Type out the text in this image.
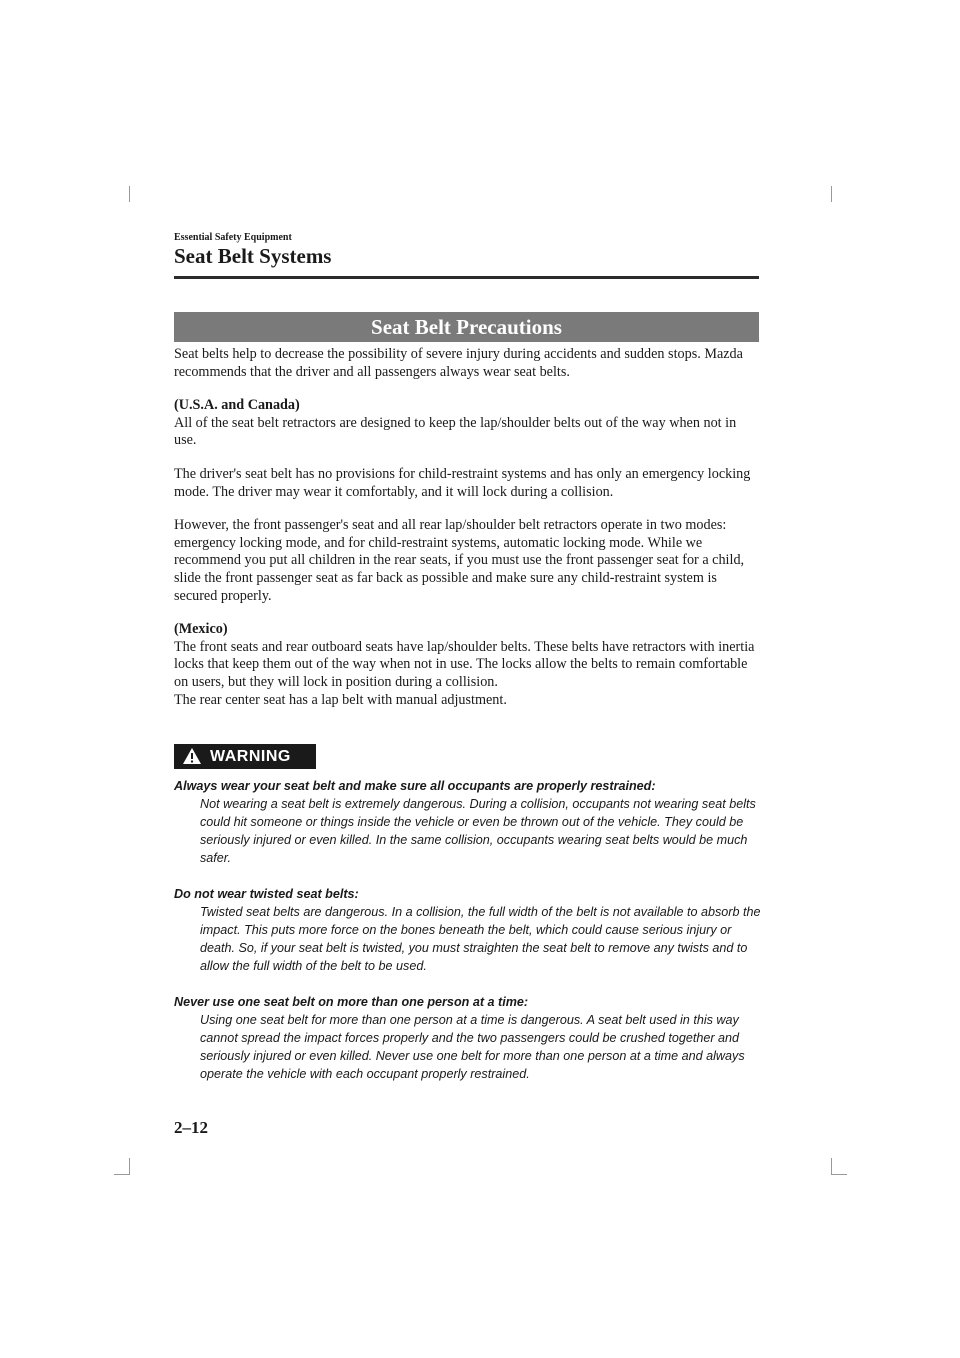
Essential Safety Equipment
Seat Belt Systems
Seat Belt Precautions

Seat belts help to decrease the possibility of severe injury during accidents and sudden stops. Mazda recommends that the driver and all passengers always wear seat belts.

(U.S.A. and Canada)
All of the seat belt retractors are designed to keep the lap/shoulder belts out of the way when not in use.

The driver's seat belt has no provisions for child-restraint systems and has only an emergency locking mode. The driver may wear it comfortably, and it will lock during a collision.

However, the front passenger's seat and all rear lap/shoulder belt retractors operate in two modes: emergency locking mode, and for child-restraint systems, automatic locking mode. While we recommend you put all children in the rear seats, if you must use the front passenger seat for a child, slide the front passenger seat as far back as possible and make sure any child-restraint system is secured properly.

(Mexico)
The front seats and rear outboard seats have lap/shoulder belts. These belts have retractors with inertia locks that keep them out of the way when not in use. The locks allow the belts to remain comfortable on users, but they will lock in position during a collision.
The rear center seat has a lap belt with manual adjustment.

WARNING
Always wear your seat belt and make sure all occupants are properly restrained:
Not wearing a seat belt is extremely dangerous. During a collision, occupants not wearing seat belts could hit someone or things inside the vehicle or even be thrown out of the vehicle. They could be seriously injured or even killed. In the same collision, occupants wearing seat belts would be much safer.
Do not wear twisted seat belts:
Twisted seat belts are dangerous. In a collision, the full width of the belt is not available to absorb the impact. This puts more force on the bones beneath the belt, which could cause serious injury or death. So, if your seat belt is twisted, you must straighten the seat belt to remove any twists and to allow the full width of the belt to be used.
Never use one seat belt on more than one person at a time:
Using one seat belt for more than one person at a time is dangerous. A seat belt used in this way cannot spread the impact forces properly and the two passengers could be crushed together and seriously injured or even killed. Never use one belt for more than one person at a time and always operate the vehicle with each occupant properly restrained.
2–12
